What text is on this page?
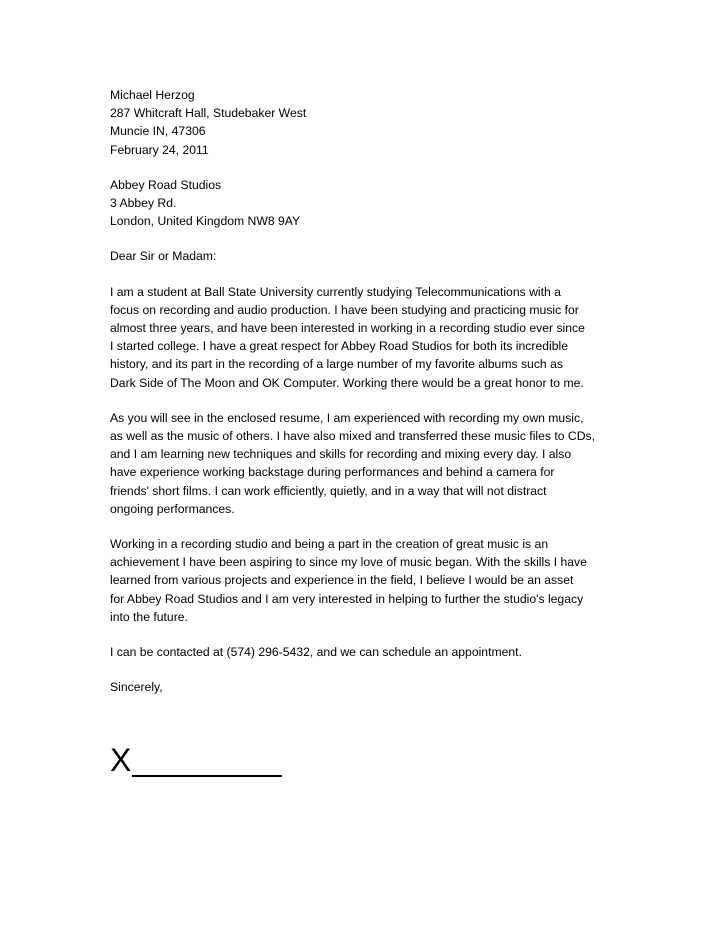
Michael Herzog
287 Whitcraft Hall, Studebaker West
Muncie IN, 47306
February 24, 2011
Abbey Road Studios
3 Abbey Rd.
London, United Kingdom NW8 9AY
Dear Sir or Madam:
I am a student at Ball State University currently studying Telecommunications with a
focus on recording and audio production. I have been studying and practicing music for
almost three years, and have been interested in working in a recording studio ever since
I started college. I have a great respect for Abbey Road Studios for both its incredible
history, and its part in the recording of a large number of my favorite albums such as
Dark Side of The Moon and OK Computer. Working there would be a great honor to me.
As you will see in the enclosed resume, I am experienced with recording my own music,
as well as the music of others. I have also mixed and transferred these music files to CDs,
and I am learning new techniques and skills for recording and mixing every day. I also
have experience working backstage during performances and behind a camera for
friends' short films. I can work efficiently, quietly, and in a way that will not distract
ongoing performances.
Working in a recording studio and being a part in the creation of great music is an
achievement I have been aspiring to since my love of music began. With the skills I have
learned from various projects and experience in the field, I believe I would be an asset
for Abbey Road Studios and I am very interested in helping to further the studio's legacy
into the future.
I can be contacted at (574) 296-5432, and we can schedule an appointment.
Sincerely,
X
